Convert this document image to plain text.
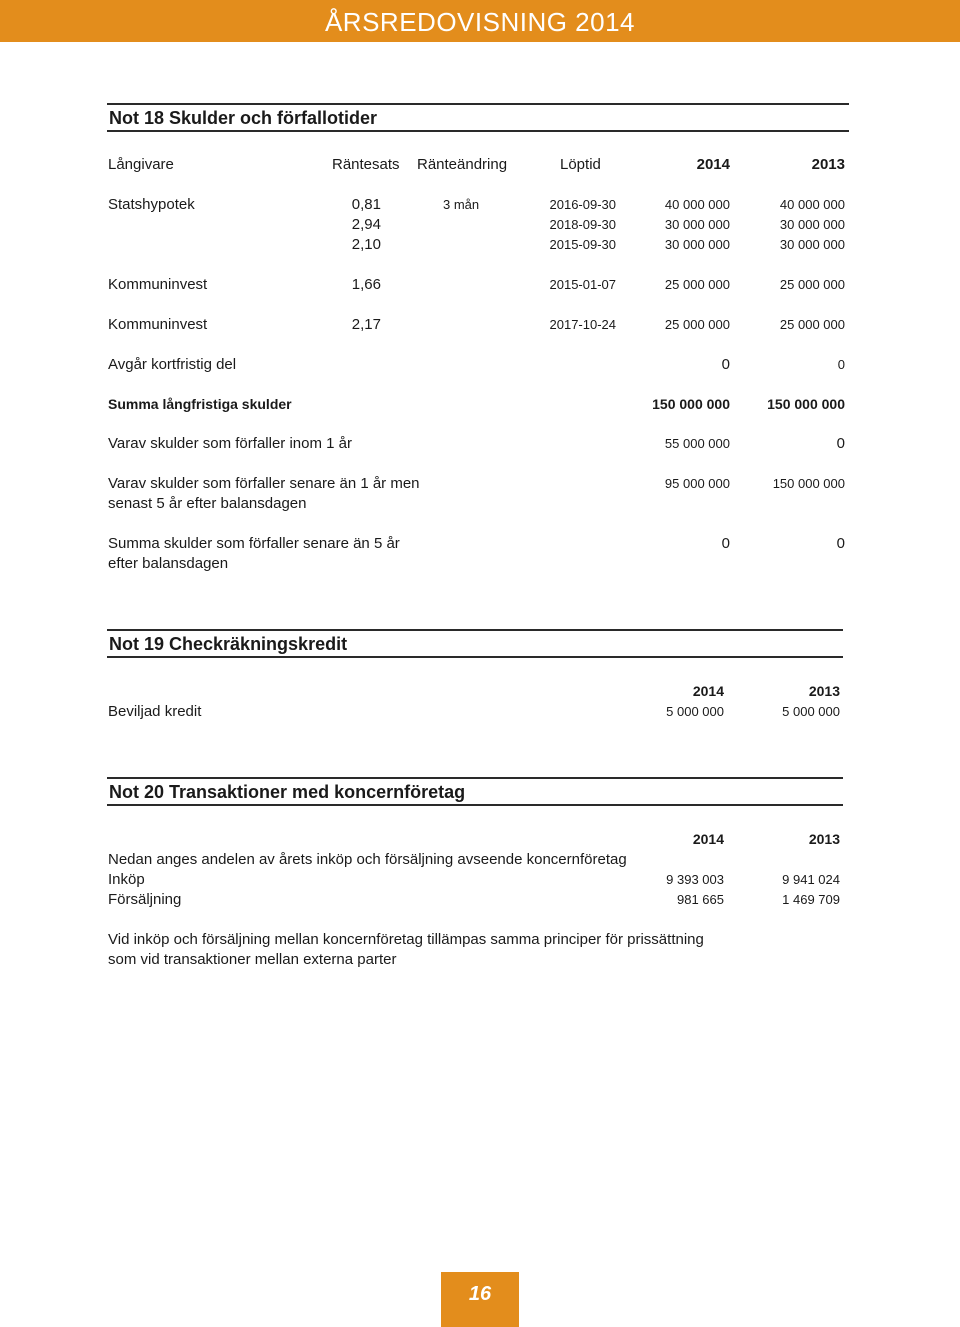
ÅRSREDOVISNING 2014
Not 18 Skulder och förfallotider
Långivare	Räntesats Ränteändring	Löptid	2014	2013
Statshypotek	0,81	3 mån	2016-09-30	40 000 000	40 000 000
2,94	2018-09-30	30 000 000	30 000 000
2,10	2015-09-30	30 000 000	30 000 000
Kommuninvest	1,66	2015-01-07	25 000 000	25 000 000
Kommuninvest	2,17	2017-10-24	25 000 000	25 000 000
Avgår kortfristig del	0	0
Summa långfristiga skulder	150 000 000	150 000 000
Varav skulder som förfaller inom 1 år	55 000 000	0
Varav skulder som förfaller senare än 1 år men
senast 5 år efter balansdagen
95 000 000	150 000 000
Summa skulder som förfaller senare än 5 år
efter balansdagen
0	0
Not 19 Checkräkningskredit
2014	2013
Beviljad kredit	5 000 000	5 000 000
Not 20 Transaktioner med koncernföretag
2014	2013
Nedan anges andelen av årets inköp och försäljning avseende koncernföretag
Inköp	9 393 003	9 941 024
Försäljning	981 665	1 469 709
Vid inköp och försäljning mellan koncernföretag tillämpas samma principer för prissättning
som vid transaktioner mellan externa parter
16
